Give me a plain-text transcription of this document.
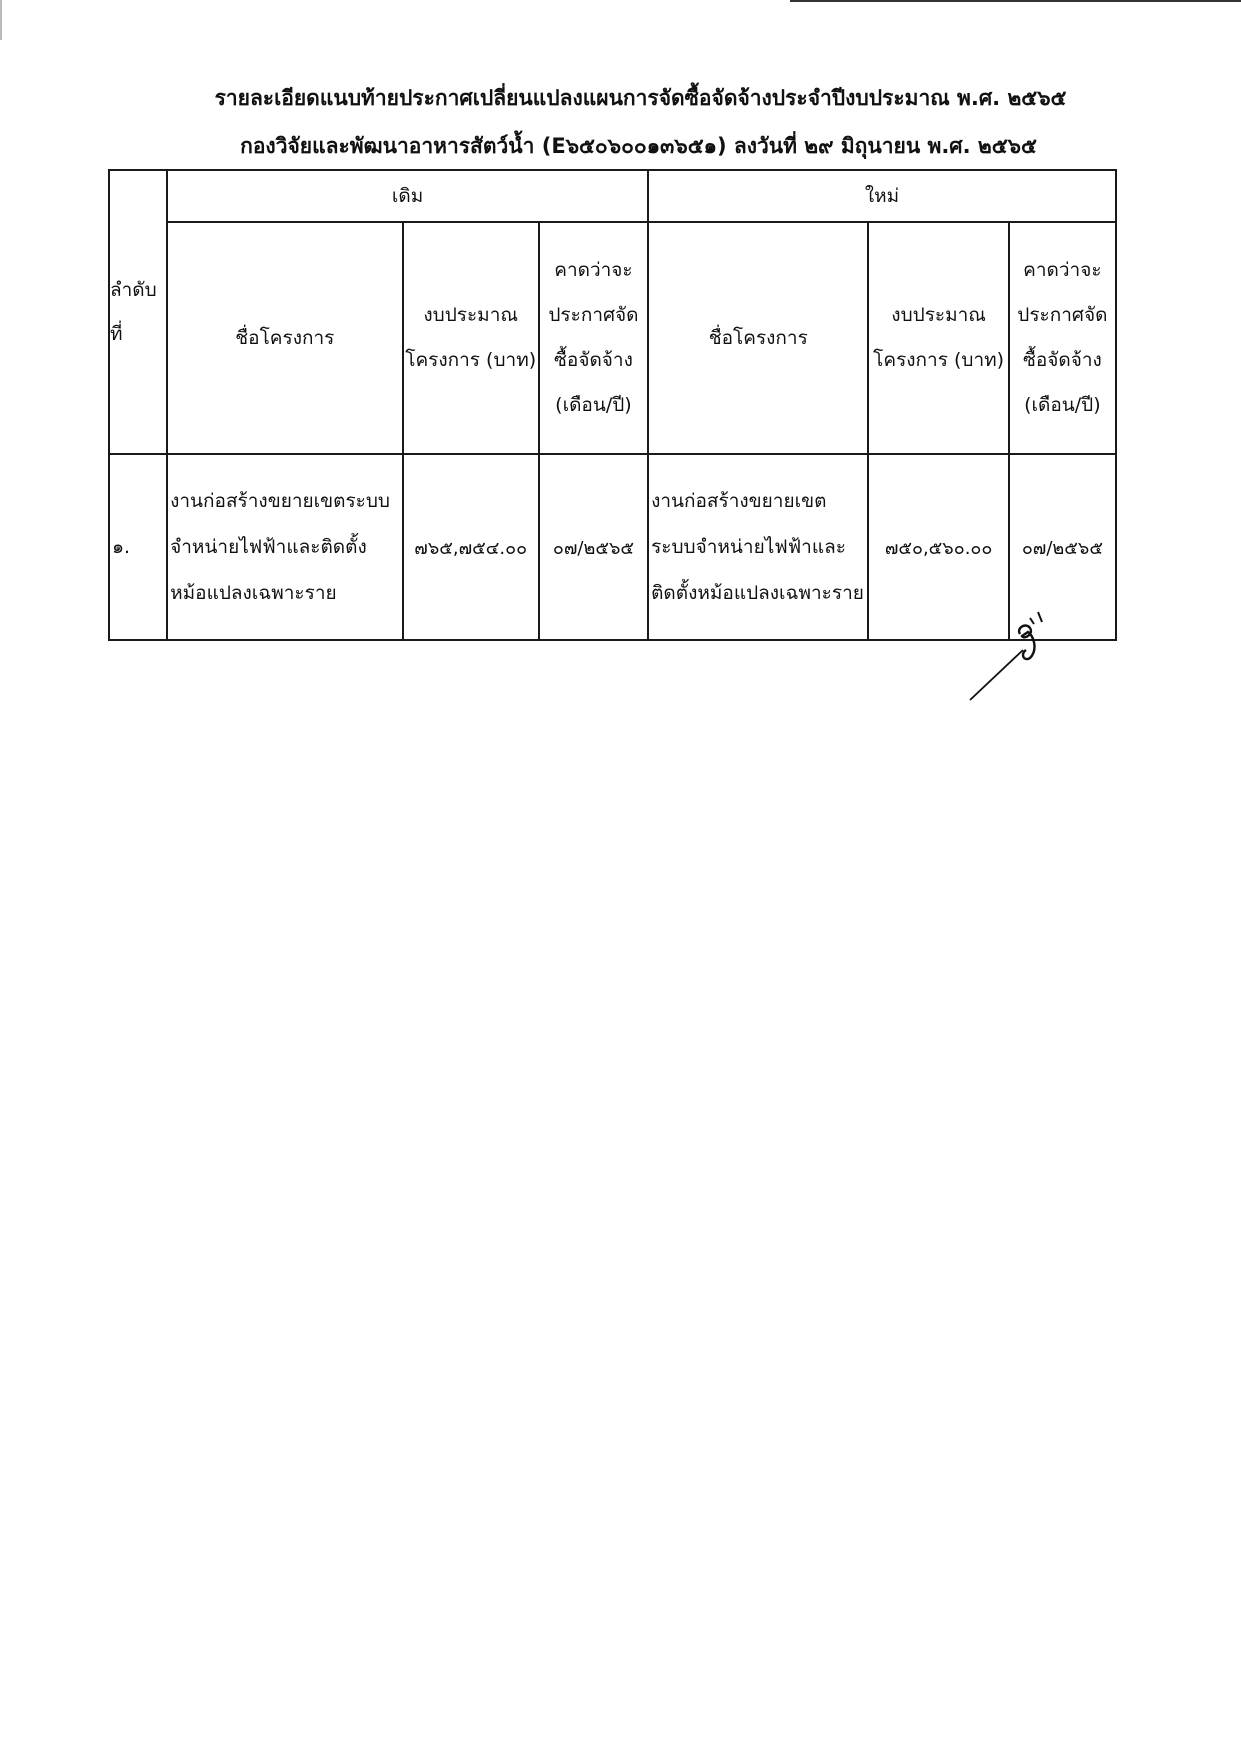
รายละเอียดแนบท้ายประกาศเปลี่ยนแปลงแผนการจัดซื้อจัดจ้างประจำปีงบประมาณ พ.ศ. ๒๕๖๕
กองวิจัยและพัฒนาอาหารสัตว์น้ำ (E๖๕๐๖๐๐๑๓๖๕๑) ลงวันที่ ๒๙ มิถุนายน พ.ศ. ๒๕๖๕
ลำดับที่	เดิม			ใหม่		
	ชื่อโครงการ	งบประมาณโครงการ (บาท)	คาดว่าจะประกาศจัดซื้อจัดจ้าง (เดือน/ปี)	ชื่อโครงการ	งบประมาณโครงการ (บาท)	คาดว่าจะประกาศจัดซื้อจัดจ้าง (เดือน/ปี)
๑.	งานก่อสร้างขยายเขตระบบจำหน่ายไฟฟ้าและติดตั้งหม้อแปลงเฉพาะราย	๗๖๕,๗๕๔.๐๐	๐๗/๒๕๖๕	งานก่อสร้างขยายเขตระบบจำหน่ายไฟฟ้าและติดตั้งหม้อแปลงเฉพาะราย	๗๕๐,๕๖๐.๐๐	๐๗/๒๕๖๕
